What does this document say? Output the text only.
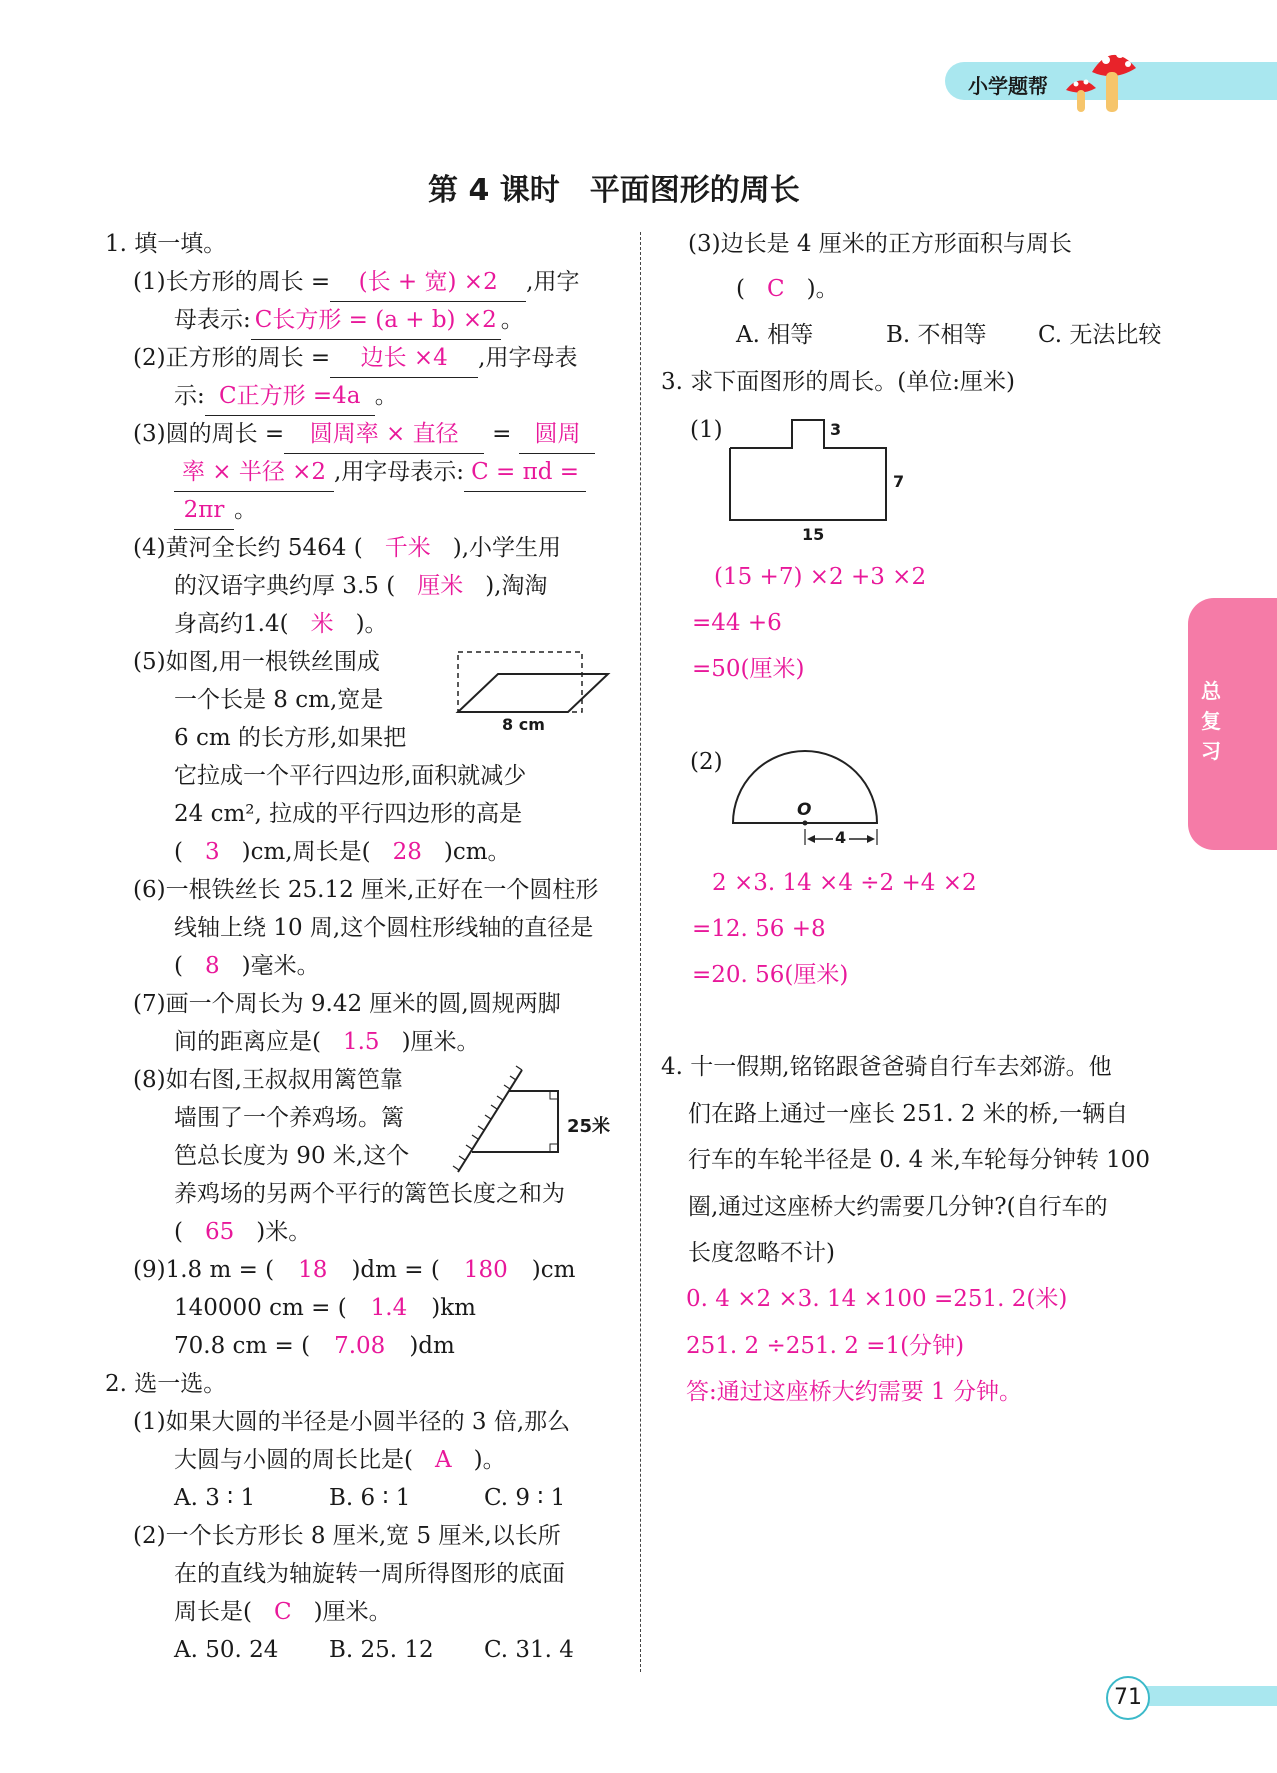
小学题帮
总复习
第 4 课时　平面图形的周长
1. 填一填。
(1)长方形的周长 = (长 + 宽) ×2 ,用字
母表示: C长方形 = (a + b) ×2 。
(2)正方形的周长 = 边长 ×4 ,用字母表
示: C正方形 =4a 。
(3)圆的周长 = 圆周率 × 直径 = 圆周
率 × 半径 ×2 ,用字母表示: C = πd =
2πr 。
(4)黄河全长约 5464 ( 千米 ),小学生用
的汉语字典约厚 3.5 ( 厘米 ),淘淘
身高约1.4( 米 )。
(5)如图,用一根铁丝围成
一个长是 8 cm,宽是
6 cm 的长方形,如果把
它拉成一个平行四边形,面积就减少
24 cm², 拉成的平行四边形的高是
( 3 )cm,周长是( 28 )cm。
8 cm
(6)一根铁丝长 25.12 厘米,正好在一个圆柱形
线轴上绕 10 周,这个圆柱形线轴的直径是
( 8 )毫米。
(7)画一个周长为 9.42 厘米的圆,圆规两脚
间的距离应是( 1.5 )厘米。
(8)如右图,王叔叔用篱笆靠
墙围了一个养鸡场。篱
笆总长度为 90 米,这个
养鸡场的另两个平行的篱笆长度之和为
( 65 )米。
25米
(9)1.8 m = ( 18 )dm = ( 180 )cm
140000 cm = ( 1.4 )km
70.8 cm = ( 7.08 )dm
2. 选一选。
(1)如果大圆的半径是小圆半径的 3 倍,那么
大圆与小圆的周长比是( A )。
A. 3 ∶ 1	B. 6 ∶ 1	C. 9 ∶ 1
(2)一个长方形长 8 厘米,宽 5 厘米,以长所
在的直线为轴旋转一周所得图形的底面
周长是( C )厘米。
A. 50. 24 B. 25. 12 C. 31. 4
(3)边长是 4 厘米的正方形面积与周长
( C )。
A. 相等	B. 不相等 C. 无法比较
3. 求下面图形的周长。(单位:厘米)
(1)	3
7
15
(15 +7) ×2 +3 ×2
=44 +6
=50(厘米)
(2)
O
4
2 ×3. 14 ×4 ÷2 +4 ×2
=12. 56 +8
=20. 56(厘米)
4. 十一假期,铭铭跟爸爸骑自行车去郊游。他
们在路上通过一座长 251. 2 米的桥,一辆自
行车的车轮半径是 0. 4 米,车轮每分钟转 100
圈,通过这座桥大约需要几分钟?(自行车的
长度忽略不计)
0. 4 ×2 ×3. 14 ×100 =251. 2(米)
251. 2 ÷251. 2 =1(分钟)
答:通过这座桥大约需要 1 分钟。
71
